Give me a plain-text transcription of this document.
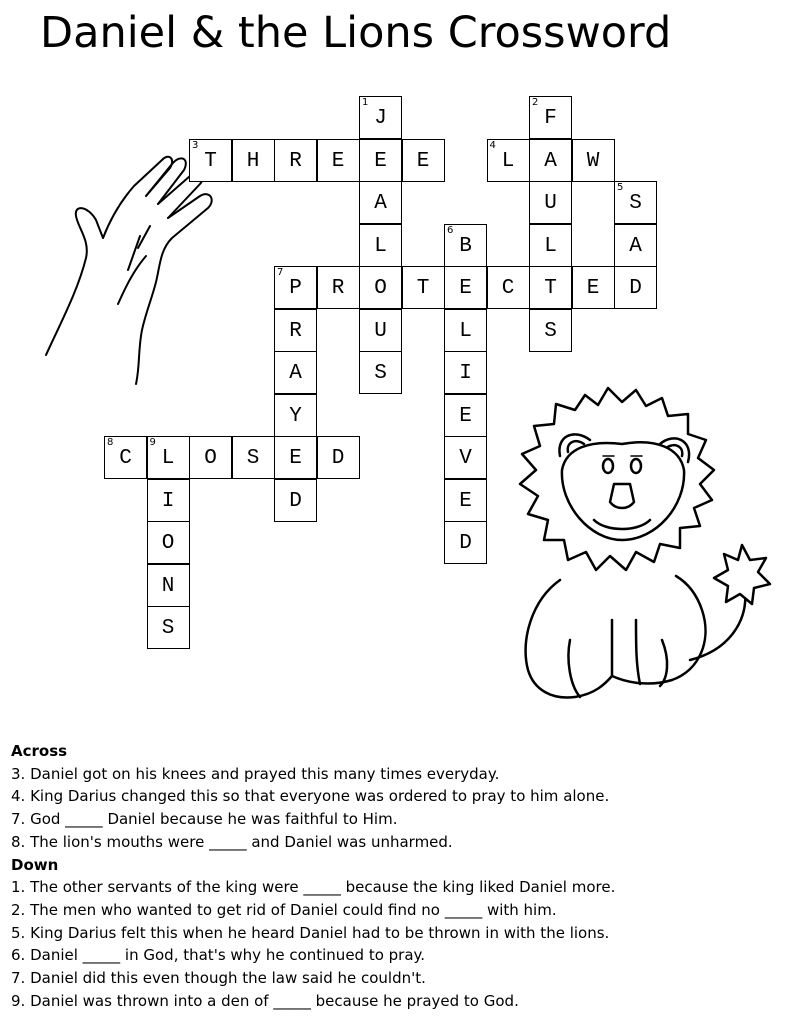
Daniel & the Lions Crossword
1
J
E
A
L
O
U
S
2
F
A
U
L
T
S
3
T	H	R	E	E
4
L	W
5
S
A
D
6
B
E
L
I
E
V
E
D
7
P	R	T	C	E
R
A
Y
E
D
8
C
9
L	O	S	D
I
O
N
S
Across
3. Daniel got on his knees and prayed this many times everyday.
4. King Darius changed this so that everyone was ordered to pray to him alone.
7. God _____ Daniel because he was faithful to Him.
8. The lion's mouths were _____ and Daniel was unharmed.
Down
1. The other servants of the king were _____ because the king liked Daniel more.
2. The men who wanted to get rid of Daniel could find no _____ with him.
5. King Darius felt this when he heard Daniel had to be thrown in with the lions.
6. Daniel _____ in God, that's why he continued to pray.
7. Daniel did this even though the law said he couldn't.
9. Daniel was thrown into a den of _____ because he prayed to God.
